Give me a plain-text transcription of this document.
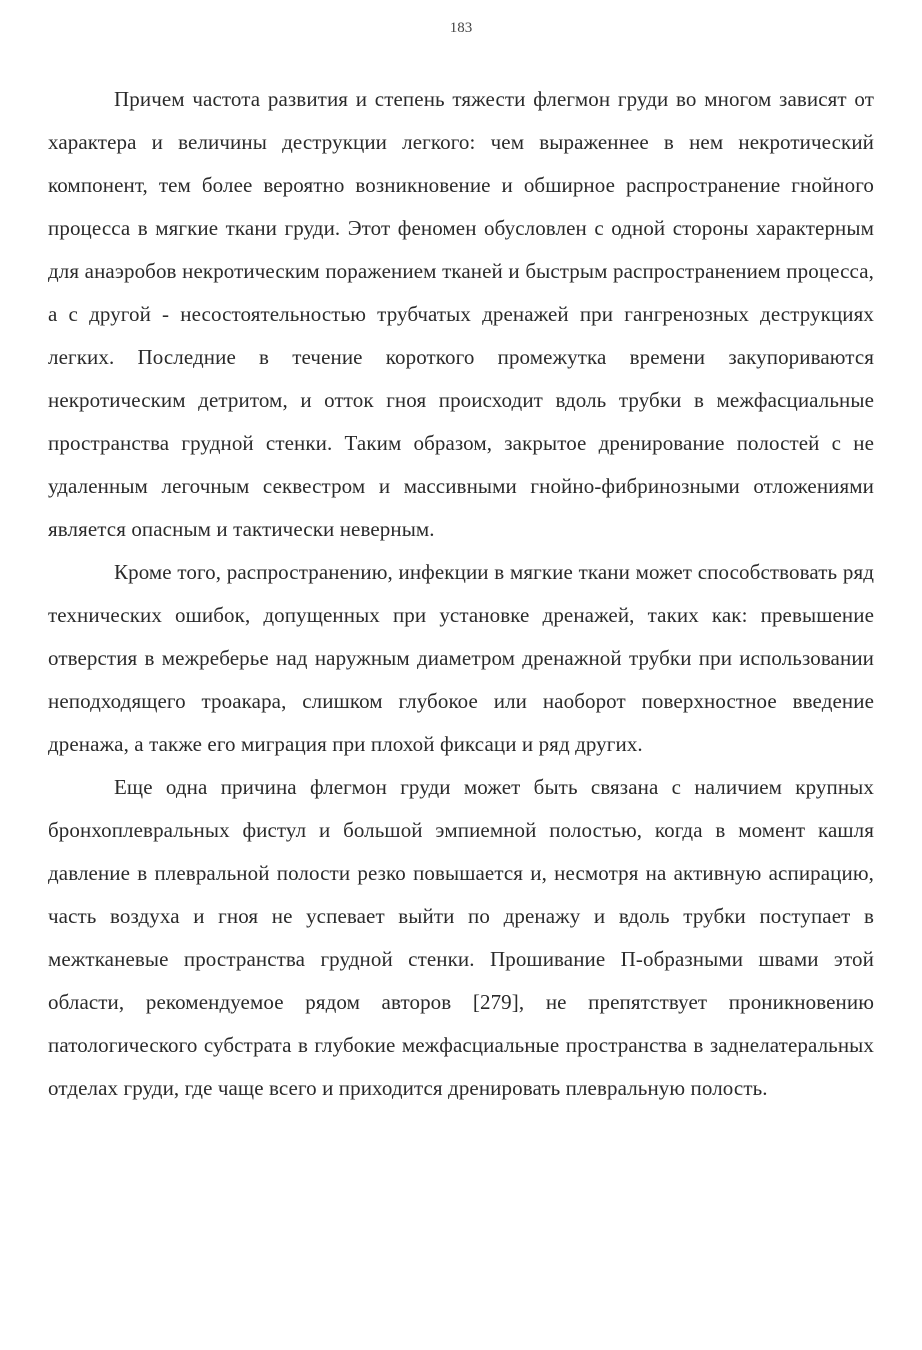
183

Причем частота развития и степень тяжести флегмон груди во многом зависят от характера и величины деструкции легкого: чем выраженнее в нем некротический компонент, тем более вероятно возникновение и обширное распространение гнойного процесса в мягкие ткани груди. Этот феномен обусловлен с одной стороны характерным для анаэробов некротическим поражением тканей и быстрым распространением процесса, а с другой - несостоятельностью трубчатых дренажей при гангренозных деструкциях легких. Последние в течение короткого промежутка времени закупориваются некротическим детритом, и отток гноя происходит вдоль трубки в межфасциальные пространства грудной стенки. Таким образом, закрытое дренирование полостей с не удаленным легочным секвестром и массивными гнойно-фибринозными отложениями является опасным и тактически неверным.

Кроме того, распространению, инфекции в мягкие ткани может способствовать ряд технических ошибок, допущенных при установке дренажей, таких как: превышение отверстия в межреберье над наружным диаметром дренажной трубки при использовании неподходящего троакара, слишком глубокое или наоборот поверхностное введение дренажа, а также его миграция при плохой фиксаци и ряд других.

Еще одна причина флегмон груди может быть связана с наличием крупных бронхоплевральных фистул и большой эмпиемной полостью, когда в момент кашля давление в плевральной полости резко повышается и, несмотря на активную аспирацию, часть воздуха и гноя не успевает выйти по дренажу и вдоль трубки поступает в межтканевые пространства грудной стенки. Прошивание П-образными швами этой области, рекомендуемое рядом авторов [279], не препятствует проникновению патологического субстрата в глубокие межфасциальные пространства в заднелатеральных отделах груди, где чаще всего и приходится дренировать плевральную полость.
